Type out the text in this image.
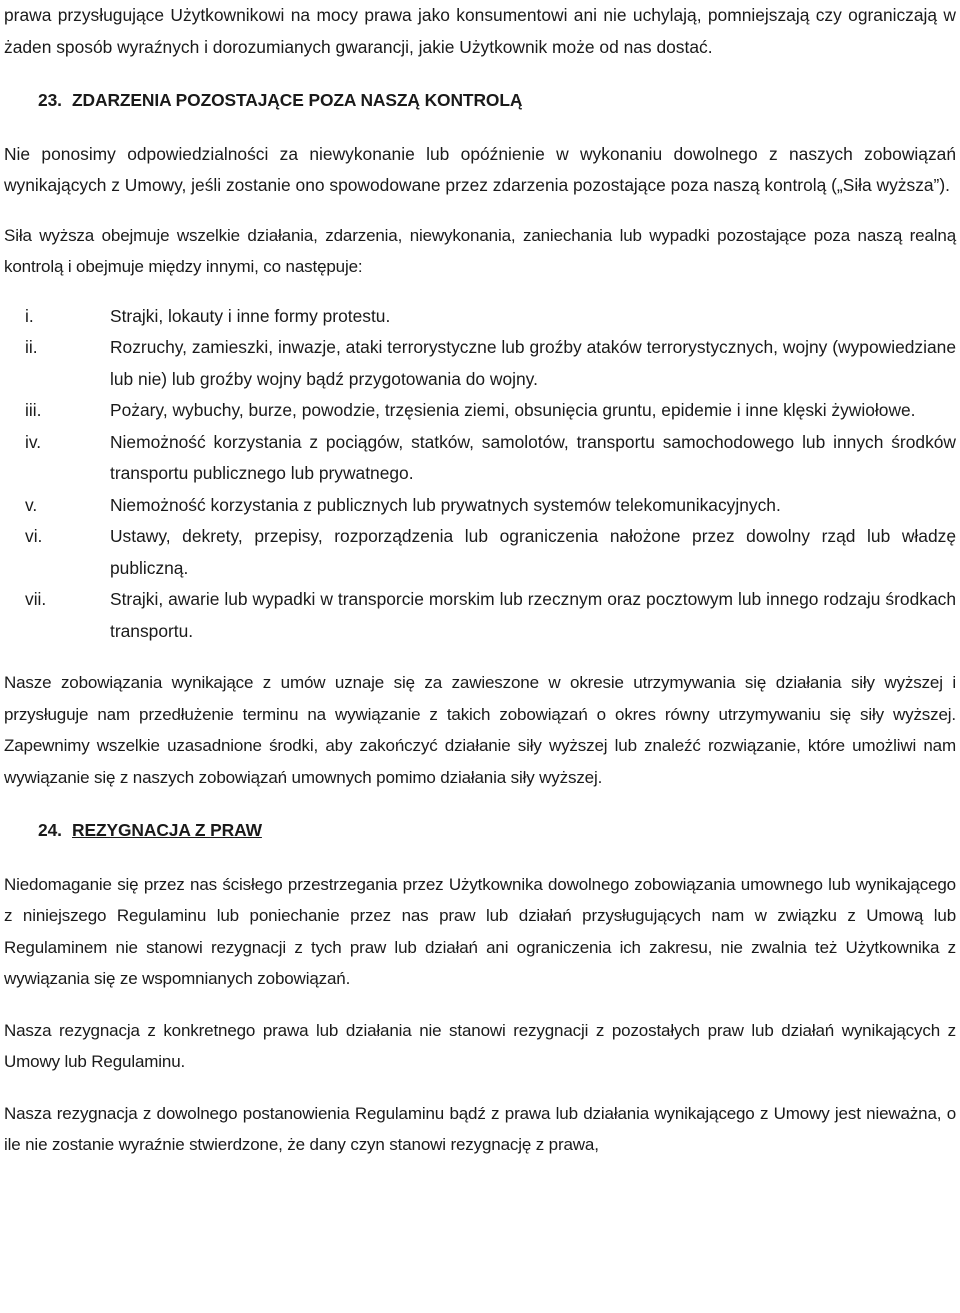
prawa przysługujące Użytkownikowi na mocy prawa jako konsumentowi ani nie uchylają, pomniejszają czy ograniczają w żaden sposób wyraźnych i dorozumianych gwarancji, jakie Użytkownik może od nas dostać.

23. ZDARZENIA POZOSTAJĄCE POZA NASZĄ KONTROLĄ

Nie ponosimy odpowiedzialności za niewykonanie lub opóźnienie w wykonaniu dowolnego z naszych zobowiązań wynikających z Umowy, jeśli zostanie ono spowodowane przez zdarzenia pozostające poza naszą kontrolą („Siła wyższa”).

Siła wyższa obejmuje wszelkie działania, zdarzenia, niewykonania, zaniechania lub wypadki pozostające poza naszą realną kontrolą i obejmuje między innymi, co następuje:

i.	Strajki, lokauty i inne formy protestu.
ii.	Rozruchy, zamieszki, inwazje, ataki terrorystyczne lub groźby ataków terrorystycznych, wojny (wypowiedziane lub nie) lub groźby wojny bądź przygotowania do wojny.
iii.	Pożary, wybuchy, burze, powodzie, trzęsienia ziemi, obsunięcia gruntu, epidemie i inne klęski żywiołowe.
iv.	Niemożność korzystania z pociągów, statków, samolotów, transportu samochodowego lub innych środków transportu publicznego lub prywatnego.
v.	Niemożność korzystania z publicznych lub prywatnych systemów telekomunikacyjnych.
vi.	Ustawy, dekrety, przepisy, rozporządzenia lub ograniczenia nałożone przez dowolny rząd lub władzę publiczną.
vii.	Strajki, awarie lub wypadki w transporcie morskim lub rzecznym oraz pocztowym lub innego rodzaju środkach transportu.

Nasze zobowiązania wynikające z umów uznaje się za zawieszone w okresie utrzymywania się działania siły wyższej i przysługuje nam przedłużenie terminu na wywiązanie z takich zobowiązań o okres równy utrzymywaniu się siły wyższej. Zapewnimy wszelkie uzasadnione środki, aby zakończyć działanie siły wyższej lub znaleźć rozwiązanie, które umożliwi nam wywiązanie się z naszych zobowiązań umownych pomimo działania siły wyższej.

24. REZYGNACJA Z PRAW

Niedomaganie się przez nas ścisłego przestrzegania przez Użytkownika dowolnego zobowiązania umownego lub wynikającego z niniejszego Regulaminu lub poniechanie przez nas praw lub działań przysługujących nam w związku z Umową lub Regulaminem nie stanowi rezygnacji z tych praw lub działań ani ograniczenia ich zakresu, nie zwalnia też Użytkownika z wywiązania się ze wspomnianych zobowiązań.

Nasza rezygnacja z konkretnego prawa lub działania nie stanowi rezygnacji z pozostałych praw lub działań wynikających z Umowy lub Regulaminu.

Nasza rezygnacja z dowolnego postanowienia Regulaminu bądź z prawa lub działania wynikającego z Umowy jest nieważna, o ile nie zostanie wyraźnie stwierdzone, że dany czyn stanowi rezygnację z prawa,
